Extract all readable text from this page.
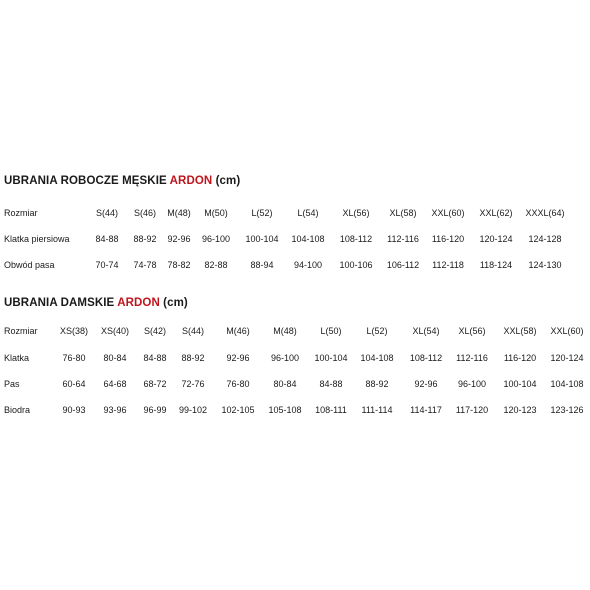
UBRANIA ROBOCZE MĘSKIE ARDON (cm)
Rozmiar	S(44) S(46) M(48) M(50)	L(52)	L(54)	XL(56) XL(58) XXL(60) XXL(62) XXXL(64)
Klatka piersiowa	84-88 88-92 92-96 96-100 100-104 104-108 108-112 112-116 116-120 120-124 124-128
Obwód pasa	70-74 74-78 78-82 82-88	88-94 94-100 100-106 106-112 112-118 118-124 124-130
UBRANIA DAMSKIE ARDON (cm)
Rozmiar XS(38) XS(40) S(42) S(44) M(46)	M(48)	L(50)	L(52)	XL(54) XL(56) XXL(58) XXL(60)
Klatka	76-80 80-84 84-88 88-92 92-96 96-100 100-104 104-108 108-112 112-116 116-120 120-124
Pas	60-64 64-68 68-72 72-76 76-80	80-84	84-88	88-92	92-96 96-100 100-104 104-108
Biodra	90-93 93-96 96-99 99-102 102-105 105-108 108-111 111-114 114-117 117-120 120-123 123-126
